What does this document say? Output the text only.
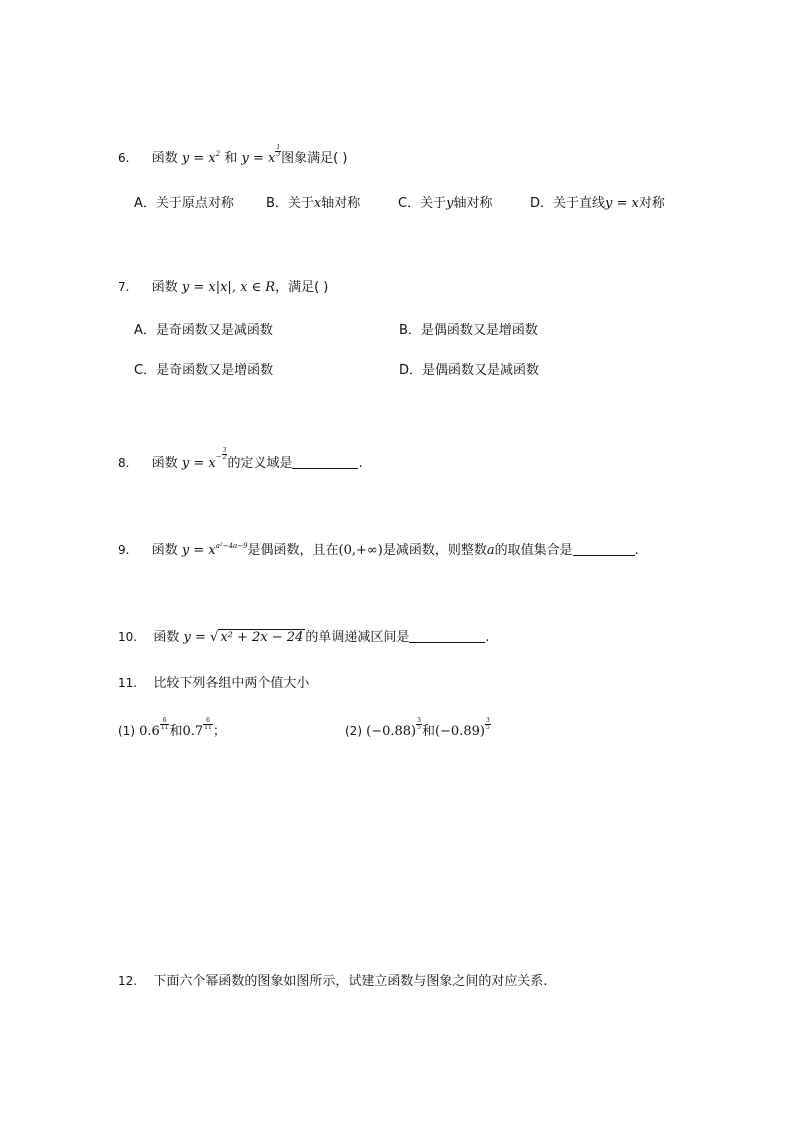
6. 函数 $y = x^2$ 和 y = x $\frac{1}{3}$ 图象满足( )
A．关于原点对称 B．关于x轴对称	C．关于y轴对称	D．关于直线y = x对称
7. 函数 y = x|x|, x ∈ R，满足( )
A．是奇函数又是减函数	B．是偶函数又是增函数
C．是奇函数又是增函数	D．是偶函数又是减函数
8. 函数 $y = x^- \frac{3}{2}$
的定义域是	.
9. 函数 $y = x^{a^2-4a-9}$是偶函数，且在(0,+∞)是减函数，则整数a的取值集合是	.
10. 函数 y = √ x² + 2x − 24 的单调递减区间是	.
11. 比较下列各组中两个值大小
(1) $0.6 \frac{6}{11}$ 和$0.7 \frac{6}{11}$ ；	(2) $(-0.88) \frac{3}{5}$ 和$(-0.89) \frac{3}{5}$
12. 下面六个幂函数的图象如图所示，试建立函数与图象之间的对应关系.
